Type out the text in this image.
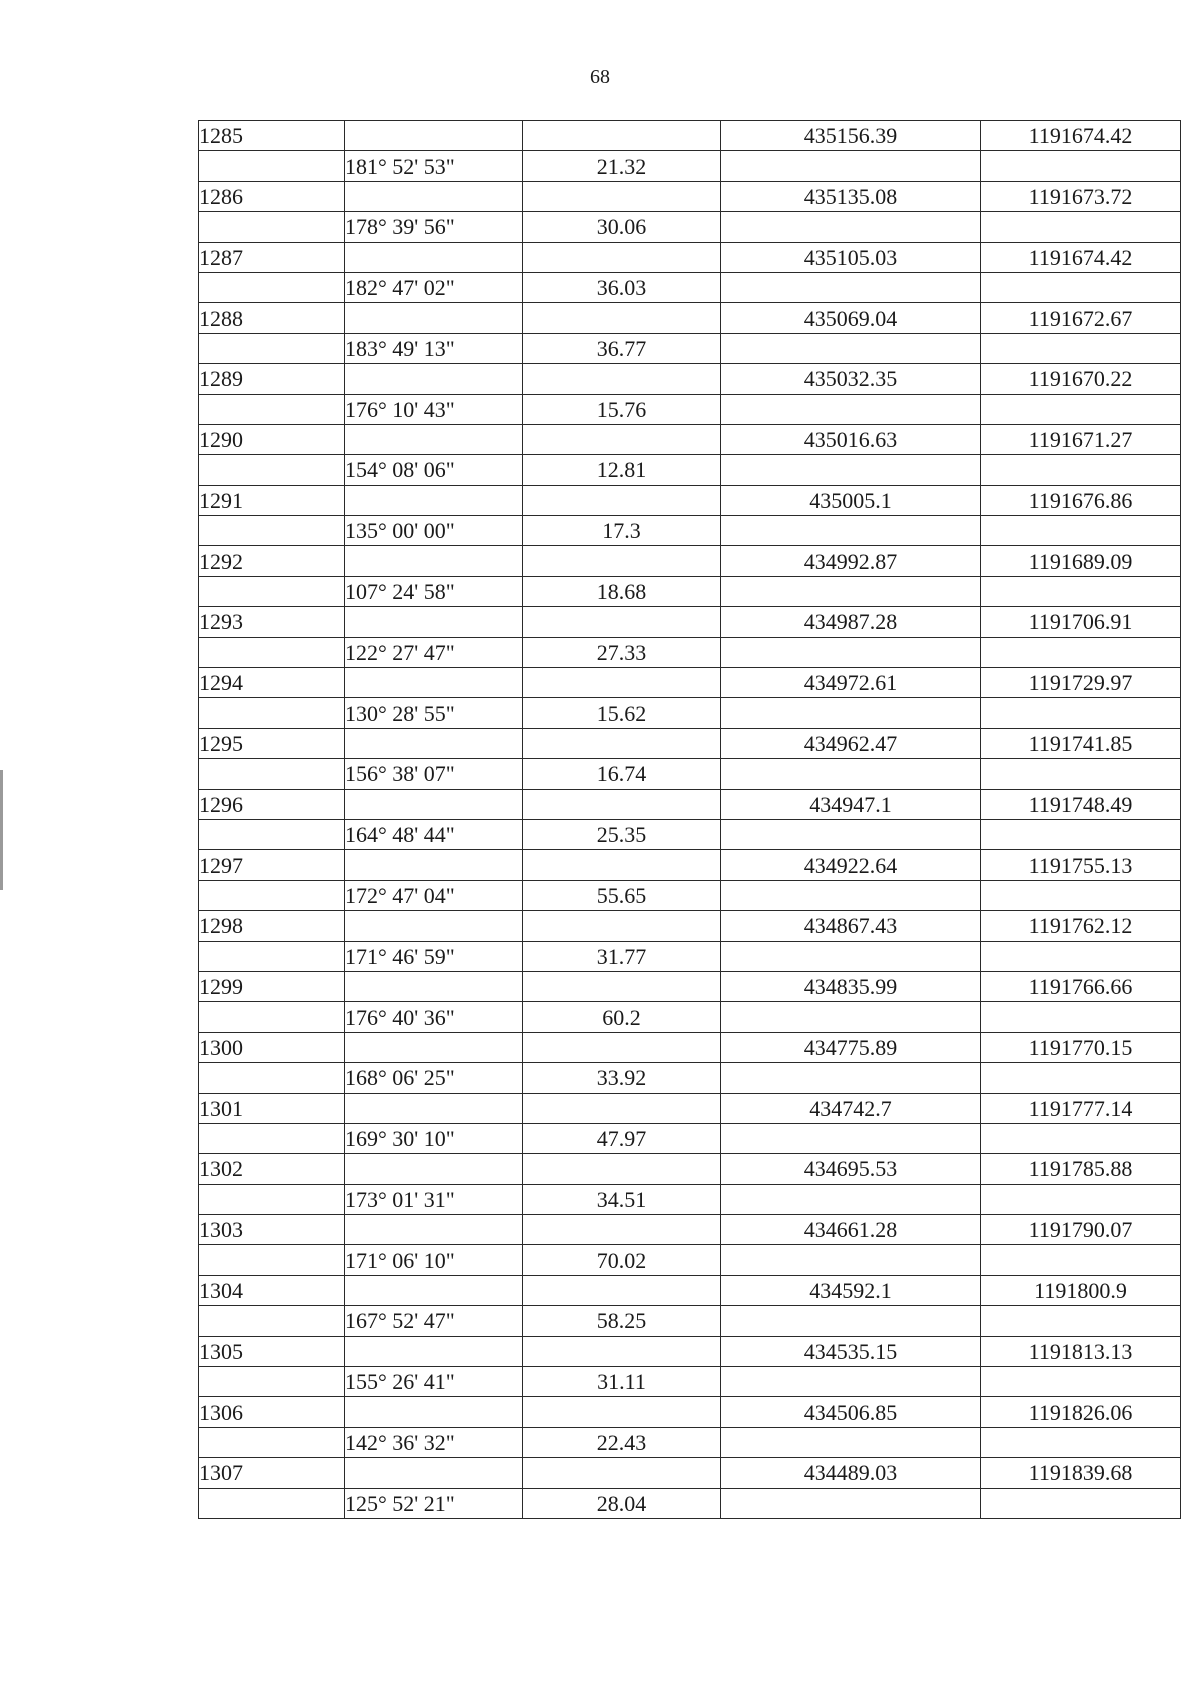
68
1285			435156.39	1191674.42
	181° 52' 53"	21.32		
1286			435135.08	1191673.72
	178° 39' 56"	30.06		
1287			435105.03	1191674.42
	182° 47' 02"	36.03		
1288			435069.04	1191672.67
	183° 49' 13"	36.77		
1289			435032.35	1191670.22
	176° 10' 43"	15.76		
1290			435016.63	1191671.27
	154° 08' 06"	12.81		
1291			435005.1	1191676.86
	135° 00' 00"	17.3		
1292			434992.87	1191689.09
	107° 24' 58"	18.68		
1293			434987.28	1191706.91
	122° 27' 47"	27.33		
1294			434972.61	1191729.97
	130° 28' 55"	15.62		
1295			434962.47	1191741.85
	156° 38' 07"	16.74		
1296			434947.1	1191748.49
	164° 48' 44"	25.35		
1297			434922.64	1191755.13
	172° 47' 04"	55.65		
1298			434867.43	1191762.12
	171° 46' 59"	31.77		
1299			434835.99	1191766.66
	176° 40' 36"	60.2		
1300			434775.89	1191770.15
	168° 06' 25"	33.92		
1301			434742.7	1191777.14
	169° 30' 10"	47.97		
1302			434695.53	1191785.88
	173° 01' 31"	34.51		
1303			434661.28	1191790.07
	171° 06' 10"	70.02		
1304			434592.1	1191800.9
	167° 52' 47"	58.25		
1305			434535.15	1191813.13
	155° 26' 41"	31.11		
1306			434506.85	1191826.06
	142° 36' 32"	22.43		
1307			434489.03	1191839.68
	125° 52' 21"	28.04		
